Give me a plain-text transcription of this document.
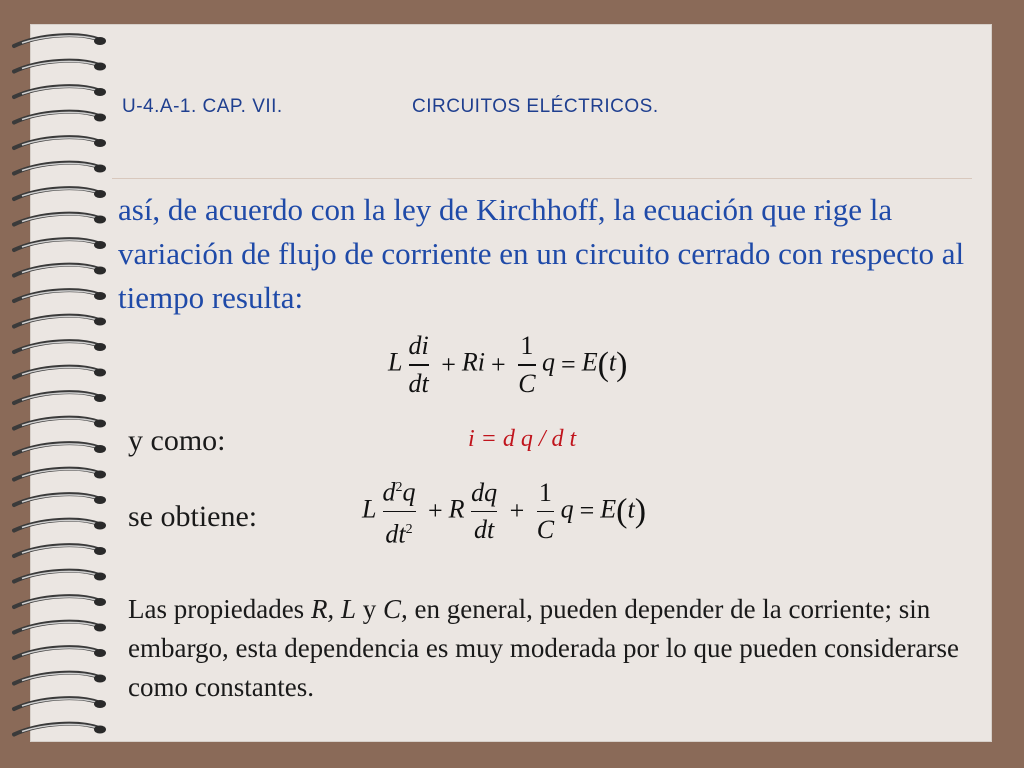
U-4.A-1. CAP. VII.	CIRCUITOS ELÉCTRICOS.
así, de acuerdo con la ley de Kirchhoff, la ecuación que rige la variación de flujo de corriente en un circuito cerrado con respecto al tiempo resulta:
L $\frac{di}{dt} + Ri + \frac{1}{C}$ q = E(t)
y como:	i = d q / d t
se obtiene:	L $\frac{d^2q}{dt^2} + R \frac{dq}{dt} + \frac{1}{C}$ q = E(t)
Las propiedades R, L y C, en general, pueden depender de la corriente; sin embargo, esta dependencia es muy moderada por lo que pueden considerarse como constantes.
